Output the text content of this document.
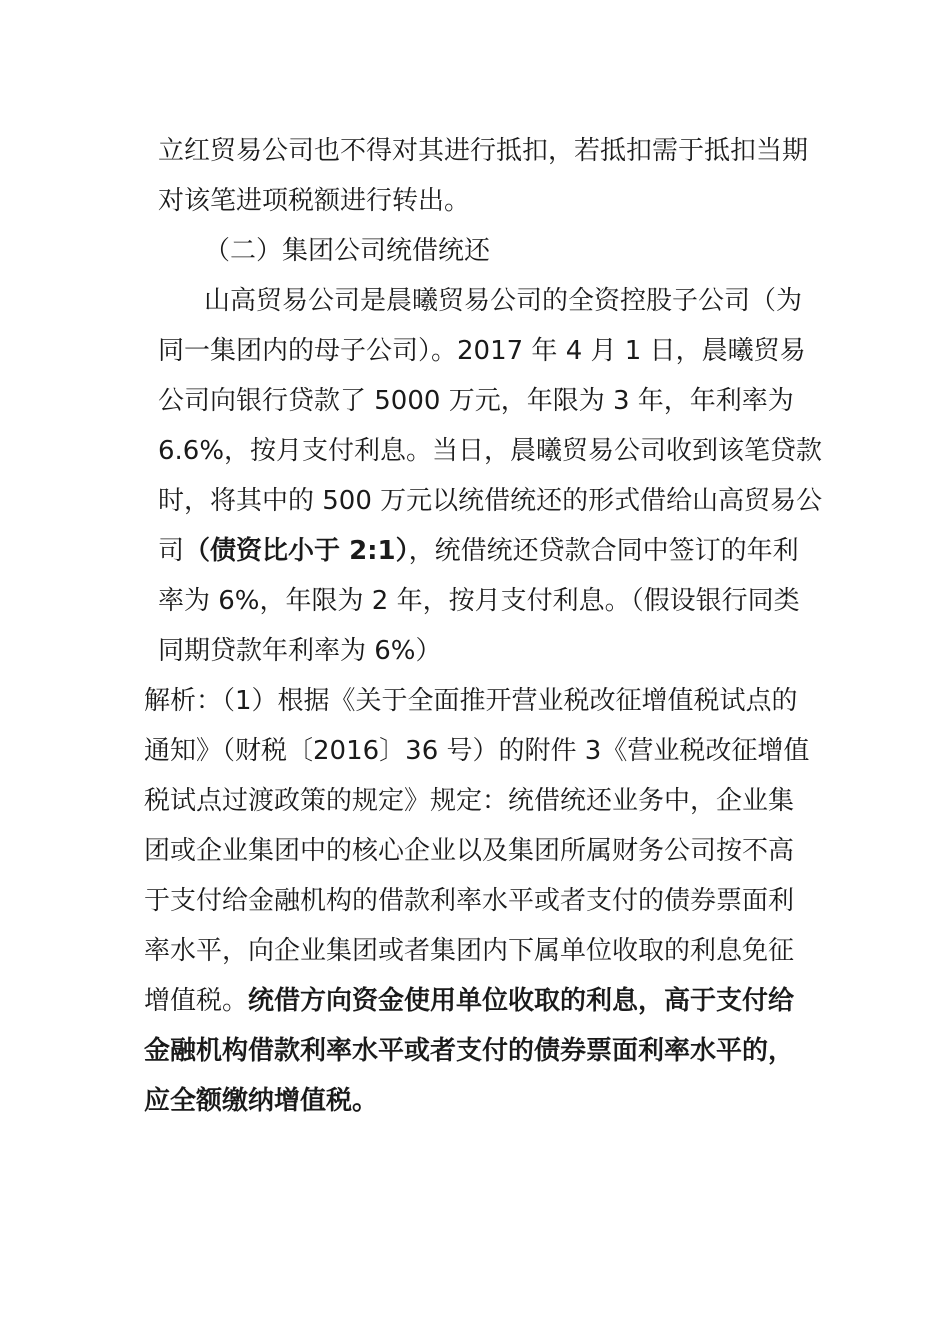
立红贸易公司也不得对其进行抵扣，若抵扣需于抵扣当期
对该笔进项税额进行转出。
（二）集团公司统借统还
山高贸易公司是晨曦贸易公司的全资控股子公司（为
同一集团内的母子公司）。2017 年 4 月 1 日，晨曦贸易
公司向银行贷款了 5000 万元，年限为 3 年，年利率为
6.6%，按月支付利息。当日，晨曦贸易公司收到该笔贷款
时，将其中的 500 万元以统借统还的形式借给山高贸易公
司（债资比小于 2:1），统借统还贷款合同中签订的年利
率为 6%，年限为 2 年，按月支付利息。（假设银行同类
同期贷款年利率为 6%）
解析：（1）根据《关于全面推开营业税改征增值税试点的
通知》（财税〔2016〕36 号）的附件 3《营业税改征增值
税试点过渡政策的规定》规定：统借统还业务中，企业集
团或企业集团中的核心企业以及集团所属财务公司按不高
于支付给金融机构的借款利率水平或者支付的债券票面利
率水平，向企业集团或者集团内下属单位收取的利息免征
增值税。统借方向资金使用单位收取的利息，高于支付给
金融机构借款利率水平或者支付的债券票面利率水平的，
应全额缴纳增值税。
